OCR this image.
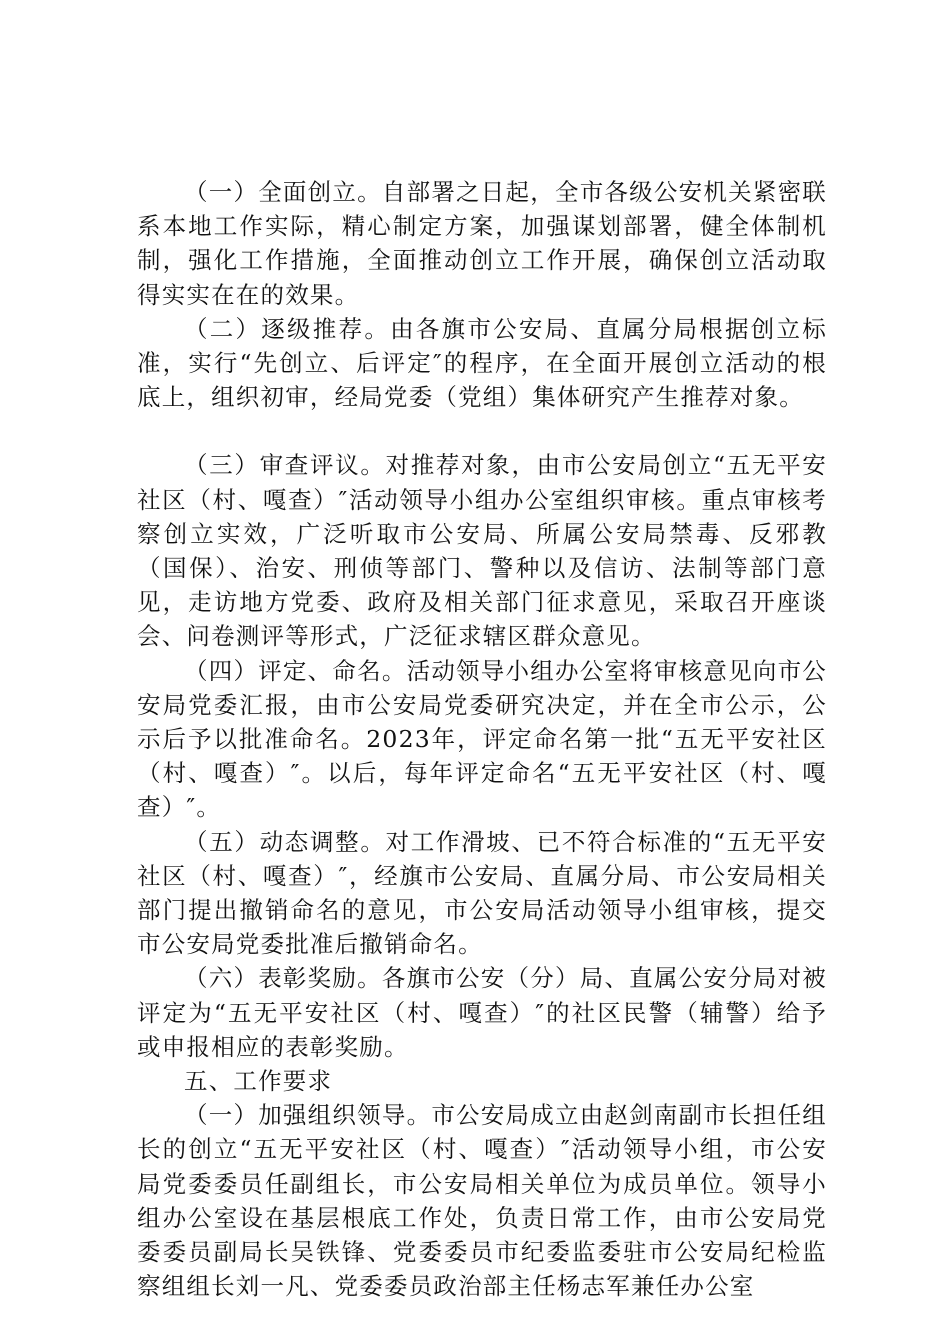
（一）全面创立。自部署之日起，全市各级公安机关紧密联系本地工作实际，精心制定方案，加强谋划部署，健全体制机制，强化工作措施，全面推动创立工作开展，确保创立活动取得实实在在的效果。

（二）逐级推荐。由各旗市公安局、直属分局根据创立标准，实行“先创立、后评定″的程序，在全面开展创立活动的根底上，组织初审，经局党委（党组）集体研究产生推荐对象。

（三）审查评议。对推荐对象，由市公安局创立“五无平安社区（村、嘎查）″活动领导小组办公室组织审核。重点审核考察创立实效，广泛听取市公安局、所属公安局禁毒、反邪教（国保）、治安、刑侦等部门、警种以及信访、法制等部门意见，走访地方党委、政府及相关部门征求意见，采取召开座谈会、问卷测评等形式，广泛征求辖区群众意见。

（四）评定、命名。活动领导小组办公室将审核意见向市公安局党委汇报，由市公安局党委研究决定，并在全市公示，公示后予以批准命名。2023年，评定命名第一批“五无平安社区（村、嘎查）″。以后，每年评定命名“五无平安社区（村、嘎查）″。

（五）动态调整。对工作滑坡、已不符合标准的“五无平安社区（村、嘎查）″，经旗市公安局、直属分局、市公安局相关部门提出撤销命名的意见，市公安局活动领导小组审核，提交市公安局党委批准后撤销命名。

（六）表彰奖励。各旗市公安（分）局、直属公安分局对被评定为“五无平安社区（村、嘎查）″的社区民警（辅警）给予或申报相应的表彰奖励。

五、工作要求

（一）加强组织领导。市公安局成立由赵剑南副市长担任组长的创立“五无平安社区（村、嘎查）″活动领导小组，市公安局党委委员任副组长，市公安局相关单位为成员单位。领导小组办公室设在基层根底工作处，负责日常工作，由市公安局党委委员副局长吴铁锋、党委委员市纪委监委驻市公安局纪检监察组组长刘一凡、党委委员政治部主任杨志军兼任办公室
